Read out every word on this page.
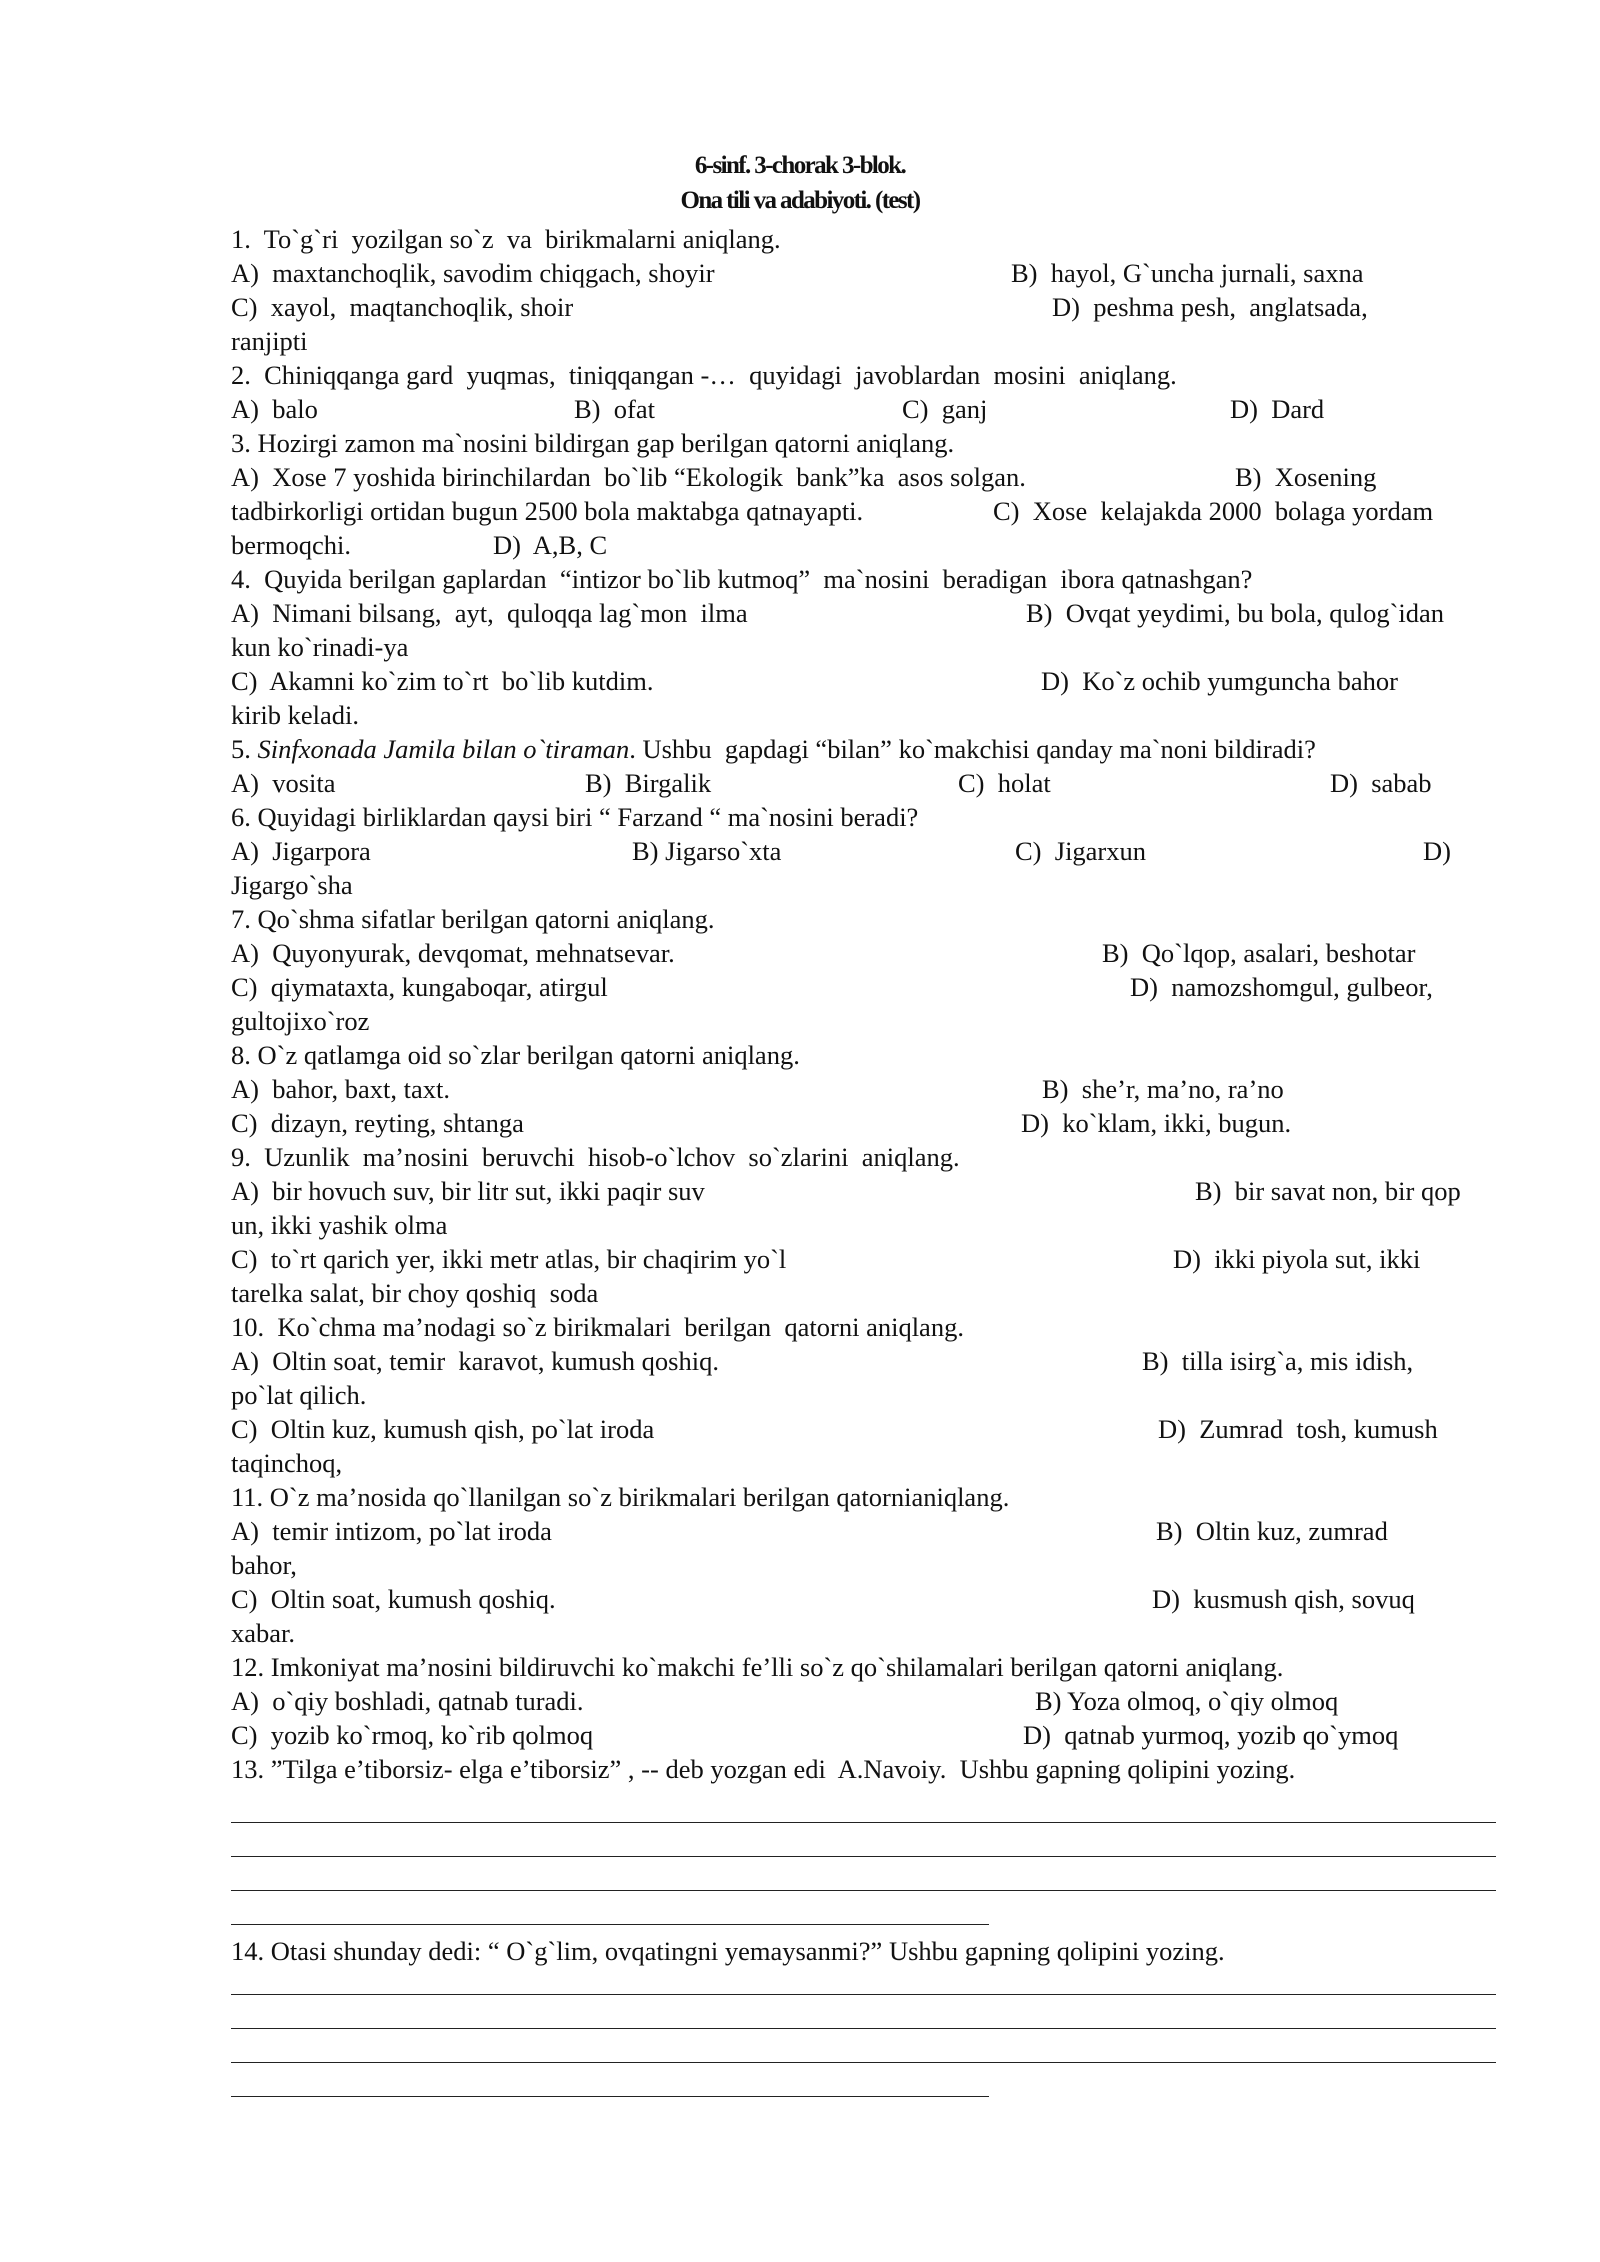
6-sinf. 3-chorak 3-blok.
Ona tili va adabiyoti. (test)
1.  To`g`ri  yozilgan so`z  va  birikmalarni aniqlang.
A)  maxtanchoqlik, savodim chiqgach, shoyir	B)  hayol, G`uncha jurnali, saxna
C)  xayol,  maqtanchoqlik, shoir	D)  peshma pesh,  anglatsada,
ranjipti
2.  Chiniqqanga gard  yuqmas,  tiniqqangan -…  quyidagi  javoblardan  mosini  aniqlang.
A)  balo	B)  ofat	C)  ganj	D)  Dard
3. Hozirgi zamon ma`nosini bildirgan gap berilgan qatorni aniqlang.
A)  Xose 7 yoshida birinchilardan  bo`lib “Ekologik  bank”ka  asos solgan.	B)  Xosening
tadbirkorligi ortidan bugun 2500 bola maktabga qatnayapti.	C)  Xose  kelajakda 2000  bolaga yordam
bermoqchi.	D)  A,B, C
4.  Quyida berilgan gaplardan  “intizor bo`lib kutmoq”  ma`nosini  beradigan  ibora qatnashgan?
A)  Nimani bilsang,  ayt,  quloqqa lag`mon  ilma	B)  Ovqat yeydimi, bu bola, qulog`idan
kun ko`rinadi-ya
C)  Akamni ko`zim to`rt  bo`lib kutdim.	D)  Ko`z ochib yumguncha bahor
kirib keladi.
5. Sinfxonada Jamila bilan o`tiraman. Ushbu  gapdagi “bilan” ko`makchisi qanday ma`noni bildiradi?
A)  vosita	B)  Birgalik	C)  holat	D)  sabab
6. Quyidagi birliklardan qaysi biri “ Farzand “ ma`nosini beradi?
A)  Jigarpora	B) Jigarso`xta	C)  Jigarxun	D)
Jigargo`sha
7. Qo`shma sifatlar berilgan qatorni aniqlang.
A)  Quyonyurak, devqomat, mehnatsevar.	B)  Qo`lqop, asalari, beshotar
C)  qiymataxta, kungaboqar, atirgul	D)  namozshomgul, gulbeor,
gultojixo`roz
8. O`z qatlamga oid so`zlar berilgan qatorni aniqlang.
A)  bahor, baxt, taxt.	B)  she’r, ma’no, ra’no
C)  dizayn, reyting, shtanga	D)  ko`klam, ikki, bugun.
9.  Uzunlik  ma’nosini  beruvchi  hisob-o`lchov  so`zlarini  aniqlang.
A)  bir hovuch suv, bir litr sut, ikki paqir suv	B)  bir savat non, bir qop
un, ikki yashik olma
C)  to`rt qarich yer, ikki metr atlas, bir chaqirim yo`l	D)  ikki piyola sut, ikki
tarelka salat, bir choy qoshiq  soda
10.  Ko`chma ma’nodagi so`z birikmalari  berilgan  qatorni aniqlang.
A)  Oltin soat, temir  karavot, kumush qoshiq.	B)  tilla isirg`a, mis idish,
po`lat qilich.
C)  Oltin kuz, kumush qish, po`lat iroda	D)  Zumrad  tosh, kumush
taqinchoq,
11. O`z ma’nosida qo`llanilgan so`z birikmalari berilgan qatornianiqlang.
A)  temir intizom, po`lat iroda	B)  Oltin kuz, zumrad
bahor,
C)  Oltin soat, kumush qoshiq.	D)  kusmush qish, sovuq
xabar.
12. Imkoniyat ma’nosini bildiruvchi ko`makchi fe’lli so`z qo`shilamalari berilgan qatorni aniqlang.
A)  o`qiy boshladi, qatnab turadi.	B) Yoza olmoq, o`qiy olmoq
C)  yozib ko`rmoq, ko`rib qolmoq	D)  qatnab yurmoq, yozib qo`ymoq
13. ”Tilga e’tiborsiz- elga e’tiborsiz” , -- deb yozgan edi  A.Navoiy.  Ushbu gapning qolipini yozing.
14. Otasi shunday dedi: “ O`g`lim, ovqatingni yemaysanmi?” Ushbu gapning qolipini yozing.
